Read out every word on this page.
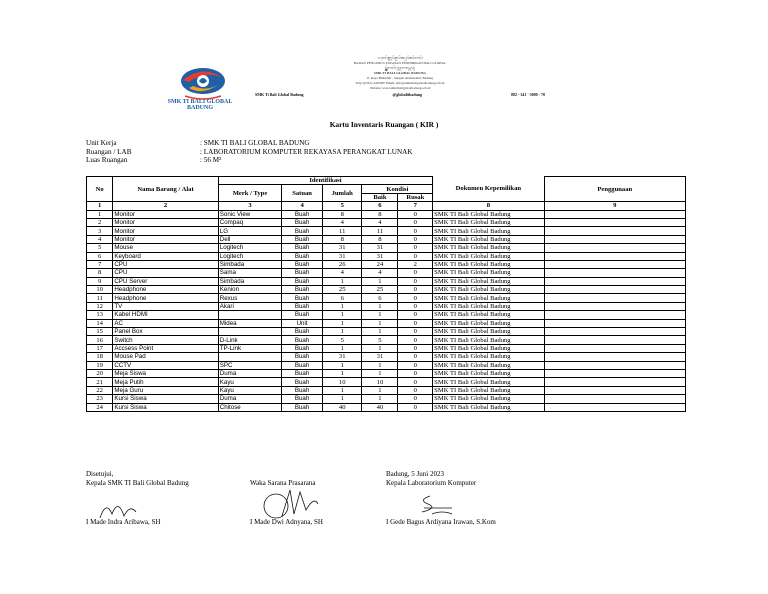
SMK TI BALI GLOBAL BADUNG
ᬧᬫᬾᬭᬶᬦ᭄ᬢᬄᬧᬶᬦ᭄ᬤᬳᬶᬦ᭄ᬧ᭄ᬭᬯᬶᬦ᭄ᬱᬶᬩᬮᬶ
BADAN PENGURUS YAYASAN PENDIDIKAN BALI GLOBAL
ᬲ᭄ᬫ᭄ᬓ᭄ᬢᬶᬩᬮᬶᬕ᭄ᬮᭀᬩᬮ᭄ᬩᬤᬸᬂ
SMK TI BALI GLOBAL BADUNG
Jl. Raya Blahkiuh - Sangeh Abiansemal, Badung
Telp: (0361) 4410987 Email: info@smktibaliglobalbadung.sch.id
Website: www.smktibaliglobalbadung.sch.id
SMK Ti Bali Global Badung	@globalitbadung	082 - 341 - 3000 - 70
Kartu Inventaris Ruangan ( KIR )
Unit Kerja	: SMK TI BALI GLOBAL BADUNG
Ruangan / LAB	: LABORATORIUM KOMPUTER REKAYASA PERANGKAT LUNAK
Luas Ruangan	: 56 M²
No	Nama Barang / Alat	Identifikasi					Dokumen Kepemilikan	Penggunaan
		Merk / Type	Satuan	Jumlah	Kondisi			
					Baik	Rusak		
1	2	3	4	5	6	7	8	9
1	Monitor	Sonic View	Buah	8	8	0	SMK TI Bali Global Badung	
2	Monitor	Compaq	Buah	4	4	0	SMK TI Bali Global Badung	
3	Monitor	LG	Buah	11	11	0	SMK TI Bali Global Badung	
4	Monitor	Dell	Buah	8	8	0	SMK TI Bali Global Badung	
5	Mouse	Logitech	Buah	31	31	0	SMK TI Bali Global Badung	
6	Keyboard	Logitech	Buah	31	31	0	SMK TI Bali Global Badung	
7	CPU	Simbada	Buah	26	24	2	SMK TI Bali Global Badung	
8	CPU	Sama	Buah	4	4	0	SMK TI Bali Global Badung	
9	CPU Server	Simbada	Buah	1	1	0	SMK TI Bali Global Badung	
10	Headphone	Kenion	Buah	25	25	0	SMK TI Bali Global Badung	
11	Headphone	Rexus	Buah	6	6	0	SMK TI Bali Global Badung	
12	TV	Akari	Buah	1	1	0	SMK TI Bali Global Badung	
13	Kabel HDMI		Buah	1	1	0	SMK TI Bali Global Badung	
14	AC	Midea	Unit	1	1	0	SMK TI Bali Global Badung	
15	Panel Box		Buah	1	1	0	SMK TI Bali Global Badung	
16	Switch	D-Link	Buah	5	5	0	SMK TI Bali Global Badung	
17	Accsess Point	TP-Link	Buah	1	1	0	SMK TI Bali Global Badung	
18	Mouse Pad		Buah	31	31	0	SMK TI Bali Global Badung	
19	CCTV	SPC	Buah	1	1	0	SMK TI Bali Global Badung	
20	Meja Siswa	Duma	Buah	1	1	0	SMK TI Bali Global Badung	
21	Meja Putih	Kayu	Buah	10	10	0	SMK TI Bali Global Badung	
22	Meja Guru	Kayu	Buah	1	1	0	SMK TI Bali Global Badung	
23	Kursi Siswa	Duma	Buah	1	1	0	SMK TI Bali Global Badung	
24	Kursi Siswa	Chitose	Buah	40	40	0	SMK TI Bali Global Badung	
Disetujui,
Kepala SMK TI Bali Global Badung	Waka Sarana Prasarana
Badung, 5 Juni 2023
Kepala Laboratorium Komputer
I Made Indra Aribawa, SH	I Made Dwi Adnyana, SH	I Gede Bagus Ardiyana Irawan, S.Kom
